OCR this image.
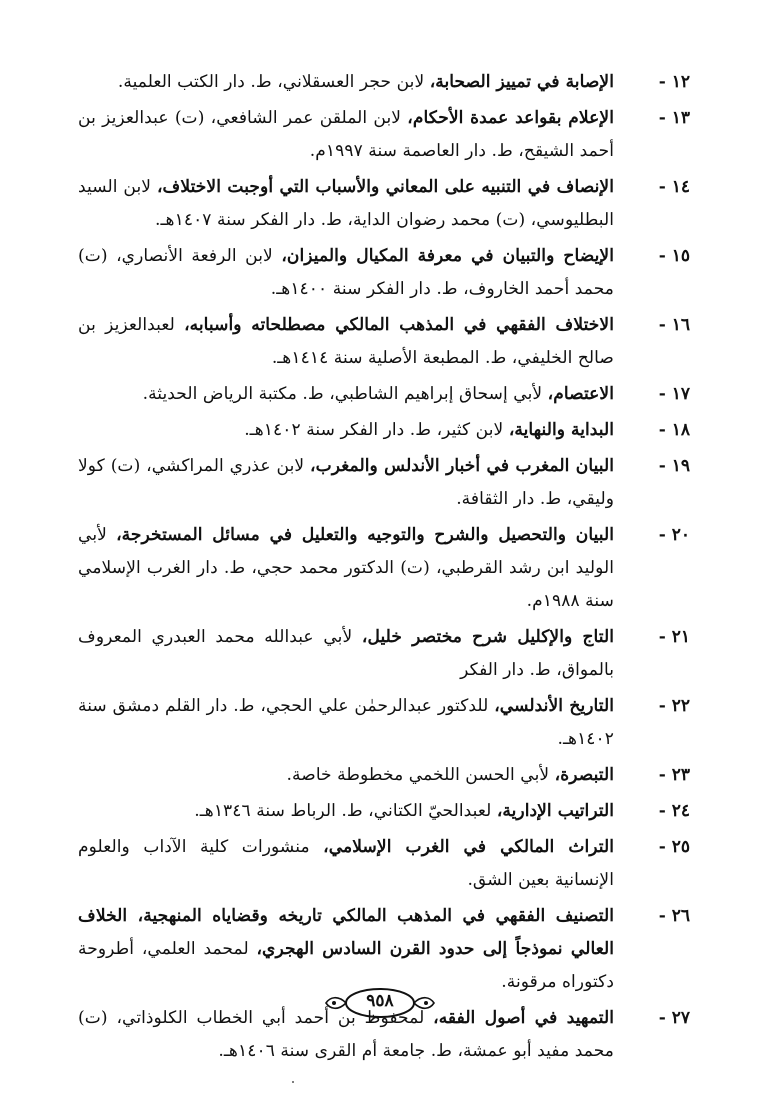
١٢ -
الإصابة في تمييز الصحابة، لابن حجر العسقلاني، ط. دار الكتب العلمية.
١٣ -
الإعلام بقواعد عمدة الأحكام، لابن الملقن عمر الشافعي، (ت) عبدالعزيز بن أحمد الشيقح، ط. دار العاصمة سنة ١٩٩٧م.
١٤ -
الإنصاف في التنبيه على المعاني والأسباب التي أوجبت الاختلاف، لابن السيد البطليوسي، (ت) محمد رضوان الداية، ط. دار الفكر سنة ١٤٠٧هـ.
١٥ -
الإيضاح والتبيان في معرفة المكيال والميزان، لابن الرفعة الأنصاري، (ت) محمد أحمد الخاروف، ط. دار الفكر سنة ١٤٠٠هـ.
١٦ -
الاختلاف الفقهي في المذهب المالكي مصطلحاته وأسبابه، لعبدالعزيز بن صالح الخليفي، ط. المطبعة الأصلية سنة ١٤١٤هـ.
١٧ -
الاعتصام، لأبي إسحاق إبراهيم الشاطبي، ط. مكتبة الرياض الحديثة.
١٨ -
البداية والنهاية، لابن كثير، ط. دار الفكر سنة ١٤٠٢هـ.
١٩ -
البيان المغرب في أخبار الأندلس والمغرب، لابن عذري المراكشي، (ت) كولا وليقي، ط. دار الثقافة.
٢٠ -
البيان والتحصيل والشرح والتوجيه والتعليل في مسائل المستخرجة، لأبي الوليد ابن رشد القرطبي، (ت) الدكتور محمد حجي، ط. دار الغرب الإسلامي سنة ١٩٨٨م.
٢١ -
التاج والإكليل شرح مختصر خليل، لأبي عبدالله محمد العبدري المعروف بالمواق، ط. دار الفكر
٢٢ -
التاريخ الأندلسي، للدكتور عبدالرحمٰن علي الحجي، ط. دار القلم دمشق سنة ١٤٠٢هـ.
٢٣ -
التبصرة، لأبي الحسن اللخمي مخطوطة خاصة.
٢٤ -
التراتيب الإدارية، لعبدالحيّ الكتاني، ط. الرباط سنة ١٣٤٦هـ.
٢٥ -
التراث المالكي في الغرب الإسلامي، منشورات كلية الآداب والعلوم الإنسانية بعين الشق.
٢٦ -
التصنيف الفقهي في المذهب المالكي تاريخه وقضاياه المنهجية، الخلاف العالي نموذجاً إلى حدود القرن السادس الهجري، لمحمد العلمي، أطروحة دكتوراه مرقونة.
٢٧ -
التمهيد في أصول الفقه، لمحفوظ بن أحمد أبي الخطاب الكلوذاتي، (ت) محمد مفيد أبو عمشة، ط. جامعة أم القرى سنة ١٤٠٦هـ.
٩٥٨
